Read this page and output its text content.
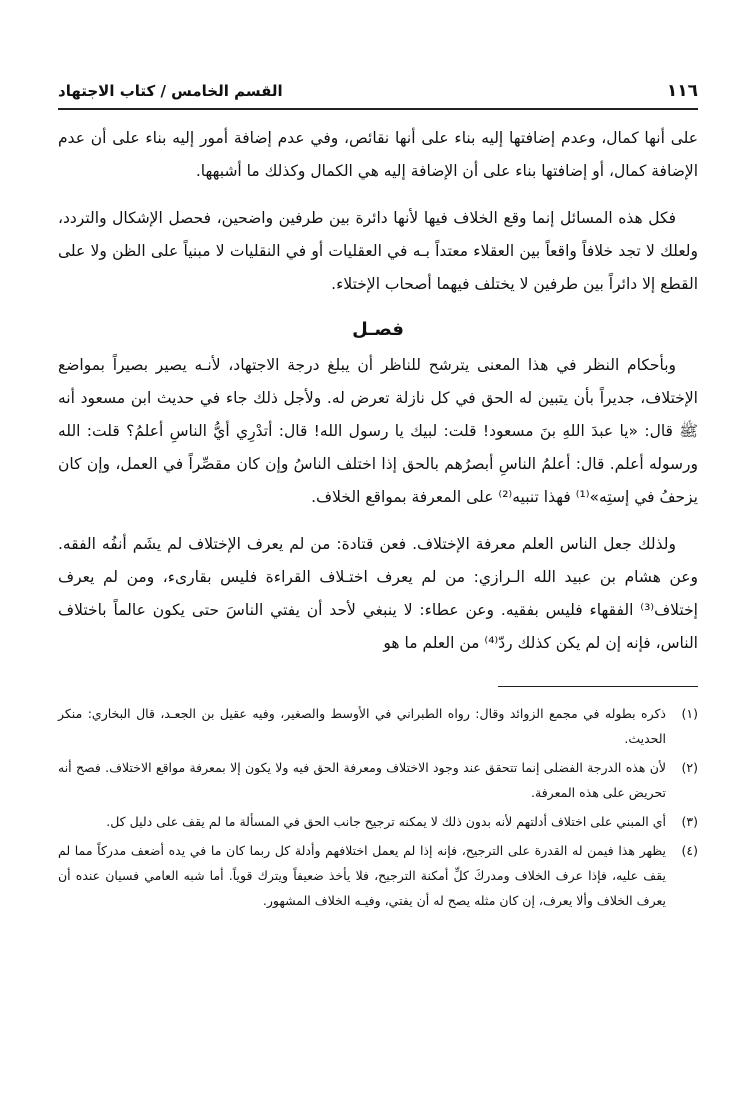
١١٦
القسم الخامس / كتاب الاجتهاد

على أنها كمال، وعدم إضافتها إليه بناء على أنها نقائص، وفي عدم إضافة أمور إليه بناء على أن عدم الإضافة كمال، أو إضافتها بناء على أن الإضافة إليه هي الكمال وكذلك ما أشبهها.

فكل هذه المسائل إنما وقع الخلاف فيها لأنها دائرة بين طرفين واضحين، فحصل الإشكال والتردد، ولعلك لا تجد خلافاً واقعاً بين العقلاء معتداً بـه في العقليات أو في النقليات لا مبنياً على الظن ولا على القطع إلا دائراً بين طرفين لا يختلف فيهما أصحاب الإختلاء.

فصـل

وبأحكام النظر في هذا المعنى يترشح للناظر أن يبلغ درجة الاجتهاد، لأنـه يصير بصيراً بمواضع الإختلاف، جديراً بأن يتبين له الحق في كل نازلة تعرض له. ولأجل ذلك جاء في حديث ابن مسعود أنه ﷺ قال: «يا عبدَ اللهِ بنَ مسعود! قلت: لبيك يا رسول الله! قال: أتدْرِي أيُّ الناسِ أعلمُ؟ قلت: الله ورسوله أعلم. قال: أعلمُ الناسِ أبصرُهم بالحق إذا اختلف الناسُ وإن كان مقصِّراً في العمل، وإن كان يزحفُ في إستِه»⁽¹⁾ فهذا تنبيه⁽²⁾ على المعرفة بمواقع الخلاف.

ولذلك جعل الناس العلم معرفة الإختلاف. فعن قتادة: من لم يعرف الإختلاف لم يشَم أنفُه الفقه. وعن هشام بن عبيد الله الـرازي: من لم يعرف اختـلاف القراءة فليس بقارىء، ومن لم يعرف إختلاف⁽³⁾ الفقهاء فليس بفقيه. وعن عطاء: لا ينبغي لأحد أن يفتي الناسَ حتى يكون عالماً باختلاف الناس، فإنه إن لم يكن كذلك ردّ⁽⁴⁾ من العلم ما هو

(١)
ذكره بطوله في مجمع الزوائد وقال: رواه الطبراني في الأوسط والصغير، وفيه عقيل بن الجعـد، قال البخاري: منكر الحديث.
(٢)
لأن هذه الدرجة الفضلى إنما تتحقق عند وجود الاختلاف ومعرفة الحق فيه ولا يكون إلا بمعرفة مواقع الاختلاف. فصح أنه تحريض على هذه المعرفة.
(٣)
أي المبني على اختلاف أدلتهم لأنه بدون ذلك لا يمكنه ترجيح جانب الحق في المسألة ما لم يقف على دليل كل.
(٤)
يظهر هذا فيمن له القدرة على الترجيح، فإنه إذا لم يعمل اختلافهم وأدلة كل ربما كان ما في يده أضعف مدركاً مما لم يقف عليه، فإذا عرف الخلاف ومدركَ كلِّ أمكنة الترجيح، فلا يأخذ ضعيفاً ويترك قوياً. أما شبه العامي فسيان عنده أن يعرف الخلاف وألا يعرف، إن كان مثله يصح له أن يفتي، وفيـه الخلاف المشهور.
